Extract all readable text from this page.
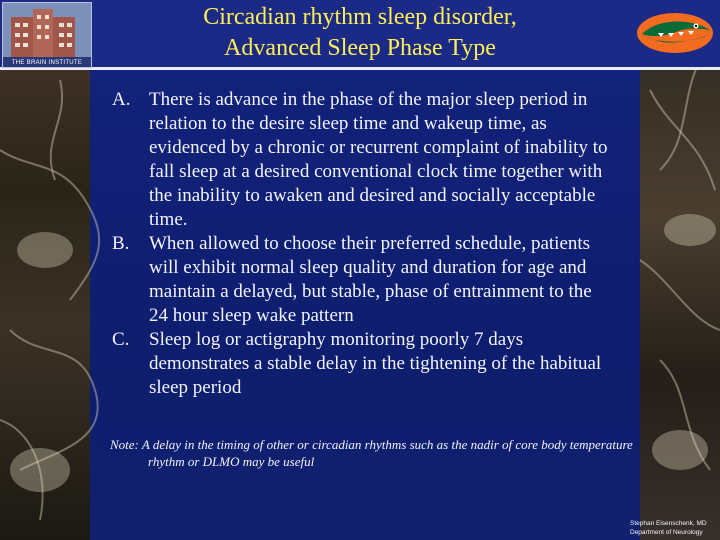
THE BRAIN INSTITUTE
Circadian rhythm sleep disorder,
Advanced Sleep Phase Type
A. There is advance in the phase of the major sleep period in relation to the desire sleep time and wakeup time, as evidenced by a chronic or recurrent complaint of inability to fall sleep at a desired conventional clock time together with the inability to awaken and desired and socially acceptable time.
B. When allowed to choose their preferred schedule, patients will exhibit normal sleep quality and duration for age and maintain a delayed, but stable, phase of entrainment to the 24 hour sleep wake pattern
C. Sleep log or actigraphy monitoring poorly 7 days demonstrates a stable delay in the tightening of the habitual sleep period
Note: A delay in the timing of other or circadian rhythms such as the nadir of core body temperature rhythm or DLMO may be useful
Stephan Eisenschenk, MD
Department of Neurology
